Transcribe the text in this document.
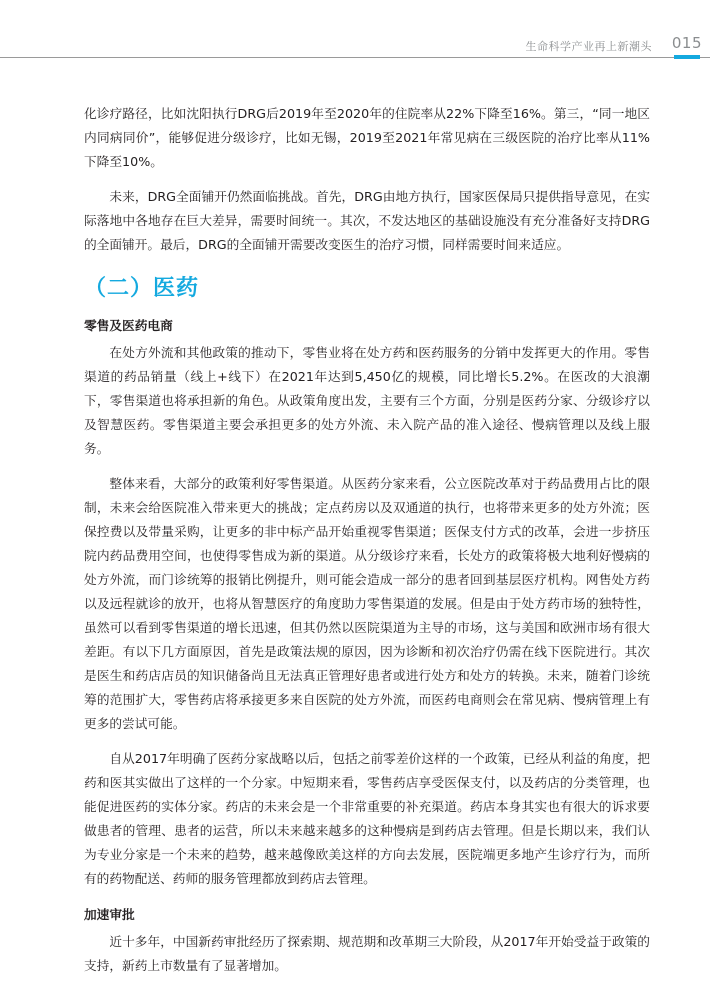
生命科学产业再上新潮头 015

化诊疗路径，比如沈阳执行DRG后2019年至2020年的住院率从22%下降至16%。第三，“同一地区内同病同价”，能够促进分级诊疗，比如无锡，2019至2021年常见病在三级医院的治疗比率从11%下降至10%。

未来，DRG全面铺开仍然面临挑战。首先，DRG由地方执行，国家医保局只提供指导意见，在实际落地中各地存在巨大差异，需要时间统一。其次，不发达地区的基础设施没有充分准备好支持DRG的全面铺开。最后，DRG的全面铺开需要改变医生的治疗习惯，同样需要时间来适应。

（二）医药
零售及医药电商

在处方外流和其他政策的推动下，零售业将在处方药和医药服务的分销中发挥更大的作用。零售渠道的药品销量（线上+线下）在2021年达到5,450亿的规模，同比增长5.2%。在医改的大浪潮下，零售渠道也将承担新的角色。从政策角度出发，主要有三个方面，分别是医药分家、分级诊疗以及智慧医药。零售渠道主要会承担更多的处方外流、未入院产品的准入途径、慢病管理以及线上服务。

整体来看，大部分的政策利好零售渠道。从医药分家来看，公立医院改革对于药品费用占比的限制，未来会给医院准入带来更大的挑战；定点药房以及双通道的执行，也将带来更多的处方外流；医保控费以及带量采购，让更多的非中标产品开始重视零售渠道；医保支付方式的改革，会进一步挤压院内药品费用空间，也使得零售成为新的渠道。从分级诊疗来看，长处方的政策将极大地利好慢病的处方外流，而门诊统筹的报销比例提升，则可能会造成一部分的患者回到基层医疗机构。网售处方药以及远程就诊的放开，也将从智慧医疗的角度助力零售渠道的发展。但是由于处方药市场的独特性，虽然可以看到零售渠道的增长迅速，但其仍然以医院渠道为主导的市场，这与美国和欧洲市场有很大差距。有以下几方面原因，首先是政策法规的原因，因为诊断和初次治疗仍需在线下医院进行。其次是医生和药店店员的知识储备尚且无法真正管理好患者或进行处方和处方的转换。未来，随着门诊统筹的范围扩大，零售药店将承接更多来自医院的处方外流，而医药电商则会在常见病、慢病管理上有更多的尝试可能。

自从2017年明确了医药分家战略以后，包括之前零差价这样的一个政策，已经从利益的角度，把药和医其实做出了这样的一个分家。中短期来看，零售药店享受医保支付，以及药店的分类管理，也能促进医药的实体分家。药店的未来会是一个非常重要的补充渠道。药店本身其实也有很大的诉求要做患者的管理、患者的运营，所以未来越来越多的这种慢病是到药店去管理。但是长期以来，我们认为专业分家是一个未来的趋势，越来越像欧美这样的方向去发展，医院端更多地产生诊疗行为，而所有的药物配送、药师的服务管理都放到药店去管理。

加速审批

近十多年，中国新药审批经历了探索期、规范期和改革期三大阶段，从2017年开始受益于政策的支持，新药上市数量有了显著增加。
